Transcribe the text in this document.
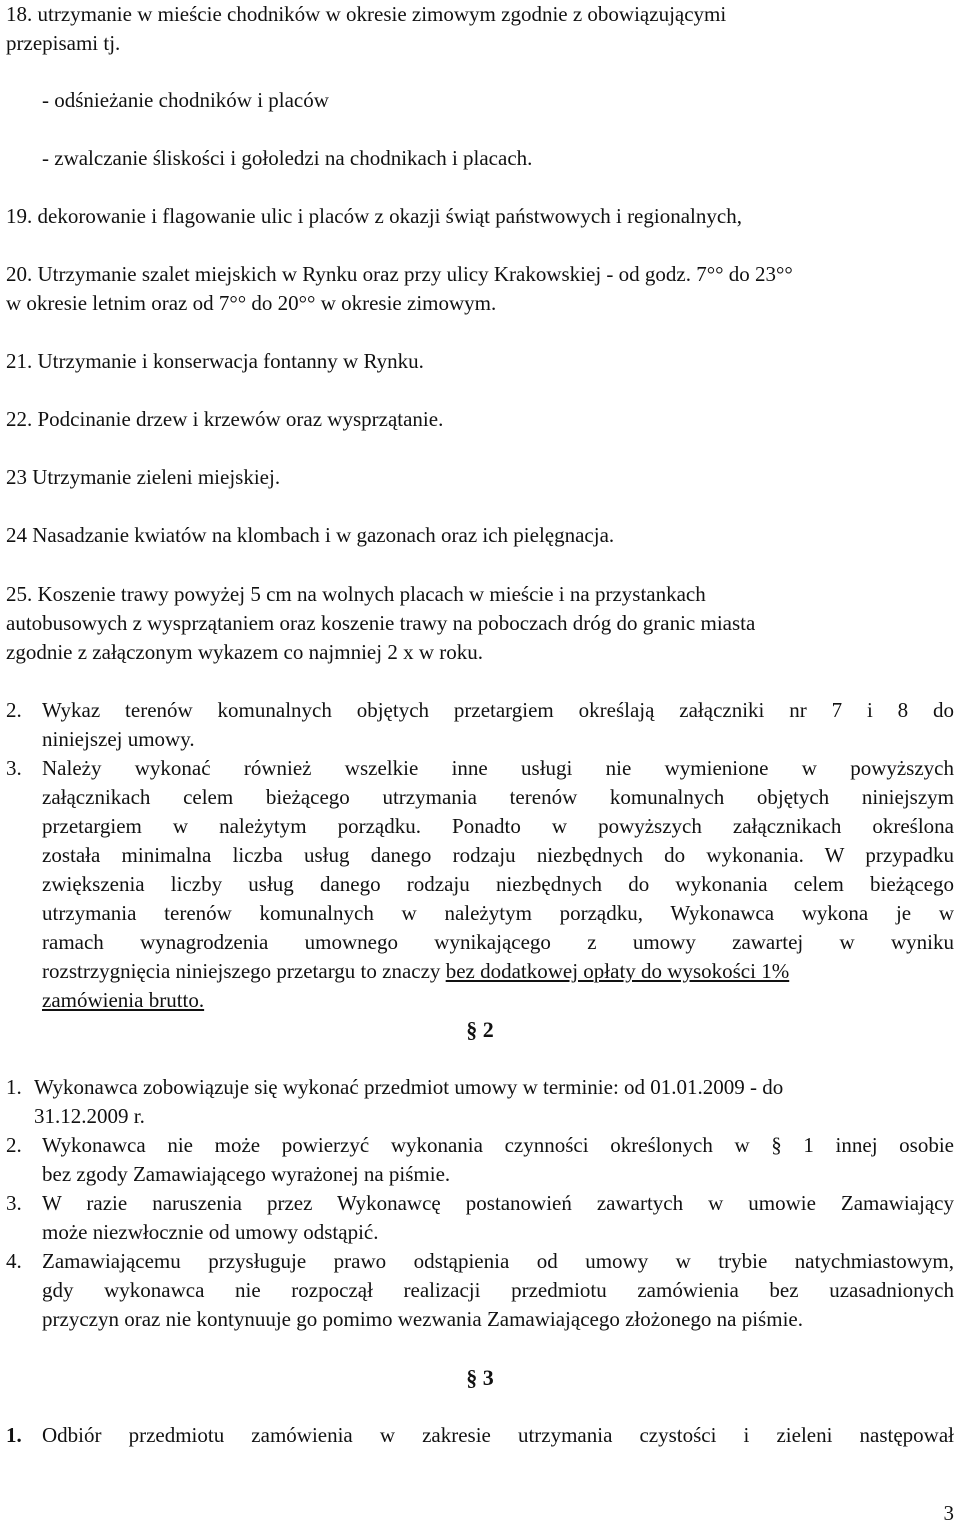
18. utrzymanie w mieście chodników w okresie zimowym zgodnie z obowiązującymi
przepisami tj.
- odśnieżanie chodników i placów
- zwalczanie śliskości i gołoledzi na chodnikach i placach.
19. dekorowanie i flagowanie ulic i placów z okazji świąt państwowych i regionalnych,
20. Utrzymanie szalet miejskich w Rynku oraz przy ulicy Krakowskiej - od godz. 7°° do 23°°
w okresie letnim oraz od 7°° do 20°° w okresie zimowym.
21. Utrzymanie i konserwacja fontanny w Rynku.
22. Podcinanie drzew i krzewów oraz wysprzątanie.
23 Utrzymanie zieleni miejskiej.
24 Nasadzanie kwiatów na klombach i w gazonach oraz ich pielęgnacja.
25. Koszenie trawy powyżej 5 cm na wolnych placach w mieście i na przystankach
autobusowych z wysprzątaniem oraz koszenie trawy na poboczach dróg do granic miasta
zgodnie z załączonym wykazem co najmniej 2 x w roku.
2. Wykaz terenów komunalnych objętych przetargiem określają załączniki nr 7 i 8 do
niniejszej umowy.
3. Należy wykonać również wszelkie inne usługi nie wymienione w powyższych
załącznikach celem bieżącego utrzymania terenów komunalnych objętych niniejszym
przetargiem w należytym porządku. Ponadto w powyższych załącznikach określona
została minimalna liczba usług danego rodzaju niezbędnych do wykonania. W przypadku
zwiększenia liczby usług danego rodzaju niezbędnych do wykonania celem bieżącego
utrzymania terenów komunalnych w należytym porządku, Wykonawca wykona je w
ramach wynagrodzenia umownego wynikającego z umowy zawartej w wyniku
rozstrzygnięcia niniejszego przetargu to znaczy bez dodatkowej opłaty do wysokości 1%
zamówienia brutto.
§ 2
1. Wykonawca zobowiązuje się wykonać przedmiot umowy w terminie: od 01.01.2009 - do
31.12.2009 r.
2. Wykonawca nie może powierzyć wykonania czynności określonych w § 1 innej osobie
bez zgody Zamawiającego wyrażonej na piśmie.
3. W razie naruszenia przez Wykonawcę postanowień zawartych w umowie Zamawiający
może niezwłocznie od umowy odstąpić.
4. Zamawiającemu przysługuje prawo odstąpienia od umowy w trybie natychmiastowym,
gdy wykonawca nie rozpoczął realizacji przedmiotu zamówienia bez uzasadnionych
przyczyn oraz nie kontynuuje go pomimo wezwania Zamawiającego złożonego na piśmie.
§ 3
1. Odbiór przedmiotu zamówienia w zakresie utrzymania czystości i zieleni następował
3
